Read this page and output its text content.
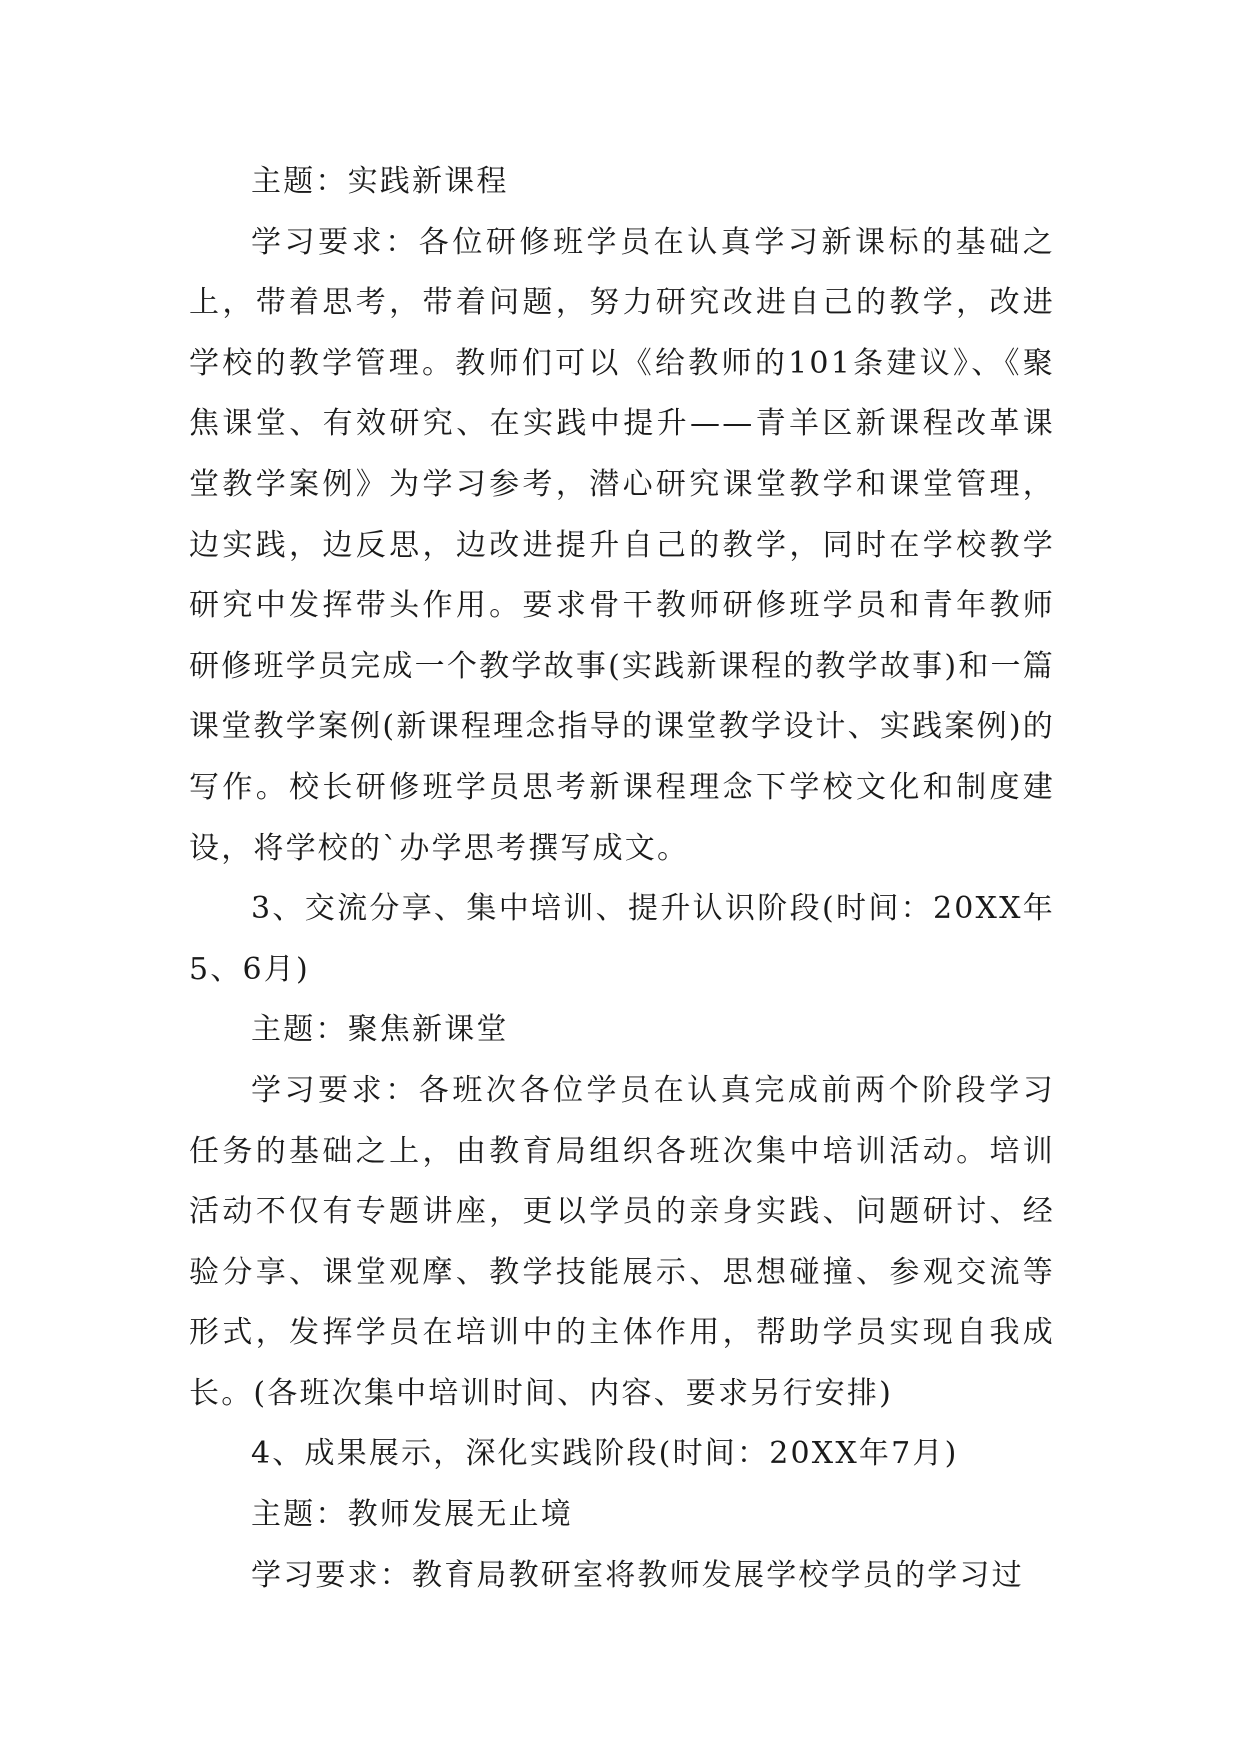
主题：实践新课程

学习要求：各位研修班学员在认真学习新课标的基础之上，带着思考，带着问题，努力研究改进自己的教学，改进学校的教学管理。教师们可以《给教师的101条建议》、《聚焦课堂、有效研究、在实践中提升——青羊区新课程改革课堂教学案例》为学习参考，潜心研究课堂教学和课堂管理，边实践，边反思，边改进提升自己的教学，同时在学校教学研究中发挥带头作用。要求骨干教师研修班学员和青年教师研修班学员完成一个教学故事(实践新课程的教学故事)和一篇课堂教学案例(新课程理念指导的课堂教学设计、实践案例)的写作。校长研修班学员思考新课程理念下学校文化和制度建设，将学校的`办学思考撰写成文。

3、交流分享、集中培训、提升认识阶段(时间：20XX年5、6月)

主题：聚焦新课堂

学习要求：各班次各位学员在认真完成前两个阶段学习任务的基础之上，由教育局组织各班次集中培训活动。培训活动不仅有专题讲座，更以学员的亲身实践、问题研讨、经验分享、课堂观摩、教学技能展示、思想碰撞、参观交流等形式，发挥学员在培训中的主体作用，帮助学员实现自我成长。(各班次集中培训时间、内容、要求另行安排)

4、成果展示，深化实践阶段(时间：20XX年7月)

主题：教师发展无止境

学习要求：教育局教研室将教师发展学校学员的学习过
